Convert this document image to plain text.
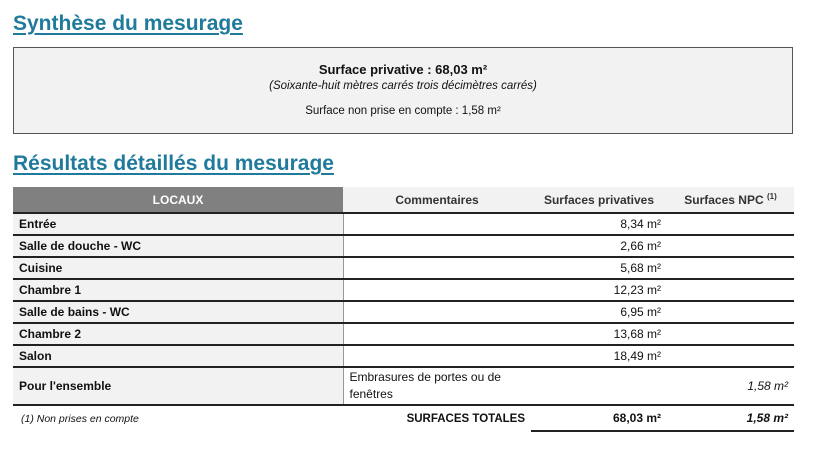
Synthèse du mesurage
Surface privative : 68,03 m²
(Soixante-huit mètres carrés trois décimètres carrés)
Surface non prise en compte : 1,58 m²
Résultats détaillés du mesurage
LOCAUX	Commentaires	Surfaces privatives	Surfaces NPC $^{(1)}$
Entrée		8,34 m²	
Salle de douche - WC		2,66 m²	
Cuisine		5,68 m²	
Chambre 1		12,23 m²	
Salle de bains - WC		6,95 m²	
Chambre 2		13,68 m²	
Salon		18,49 m²	
Pour l'ensemble	Embrasures de portes ou de fenêtres		1,58 m²
(1) Non prises en compte	SURFACES TOTALES	68,03 m²	1,58 m²
